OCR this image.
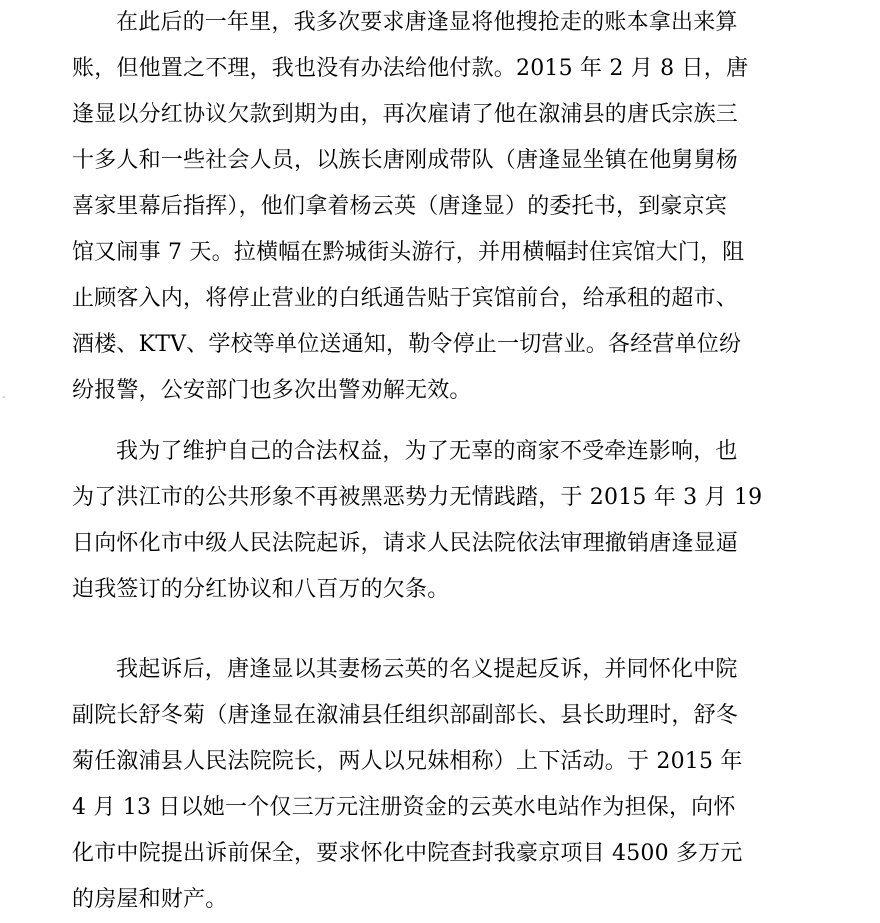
˅
在此后的一年里，我多次要求唐逢显将他搜抢走的账本拿出来算
账，但他置之不理，我也没有办法给他付款。2015 年 2 月 8 日，唐
逢显以分红协议欠款到期为由，再次雇请了他在溆浦县的唐氏宗族三
十多人和一些社会人员，以族长唐刚成带队（唐逢显坐镇在他舅舅杨
喜家里幕后指挥），他们拿着杨云英（唐逢显）的委托书，到豪京宾
馆又闹事 7 天。拉横幅在黔城街头游行，并用横幅封住宾馆大门，阻
止顾客入内，将停止营业的白纸通告贴于宾馆前台，给承租的超市、
酒楼、KTV、学校等单位送通知，勒令停止一切营业。各经营单位纷
纷报警，公安部门也多次出警劝解无效。
我为了维护自己的合法权益，为了无辜的商家不受牵连影响，也
为了洪江市的公共形象不再被黑恶势力无情践踏，于 2015 年 3 月 19
日向怀化市中级人民法院起诉，请求人民法院依法审理撤销唐逢显逼
迫我签订的分红协议和八百万的欠条。
我起诉后，唐逢显以其妻杨云英的名义提起反诉，并同怀化中院
副院长舒冬菊（唐逢显在溆浦县任组织部副部长、县长助理时，舒冬
菊任溆浦县人民法院院长，两人以兄妹相称）上下活动。于 2015 年
4 月 13 日以她一个仅三万元注册资金的云英水电站作为担保，向怀
化市中院提出诉前保全，要求怀化中院查封我豪京项目 4500 多万元
的房屋和财产。
